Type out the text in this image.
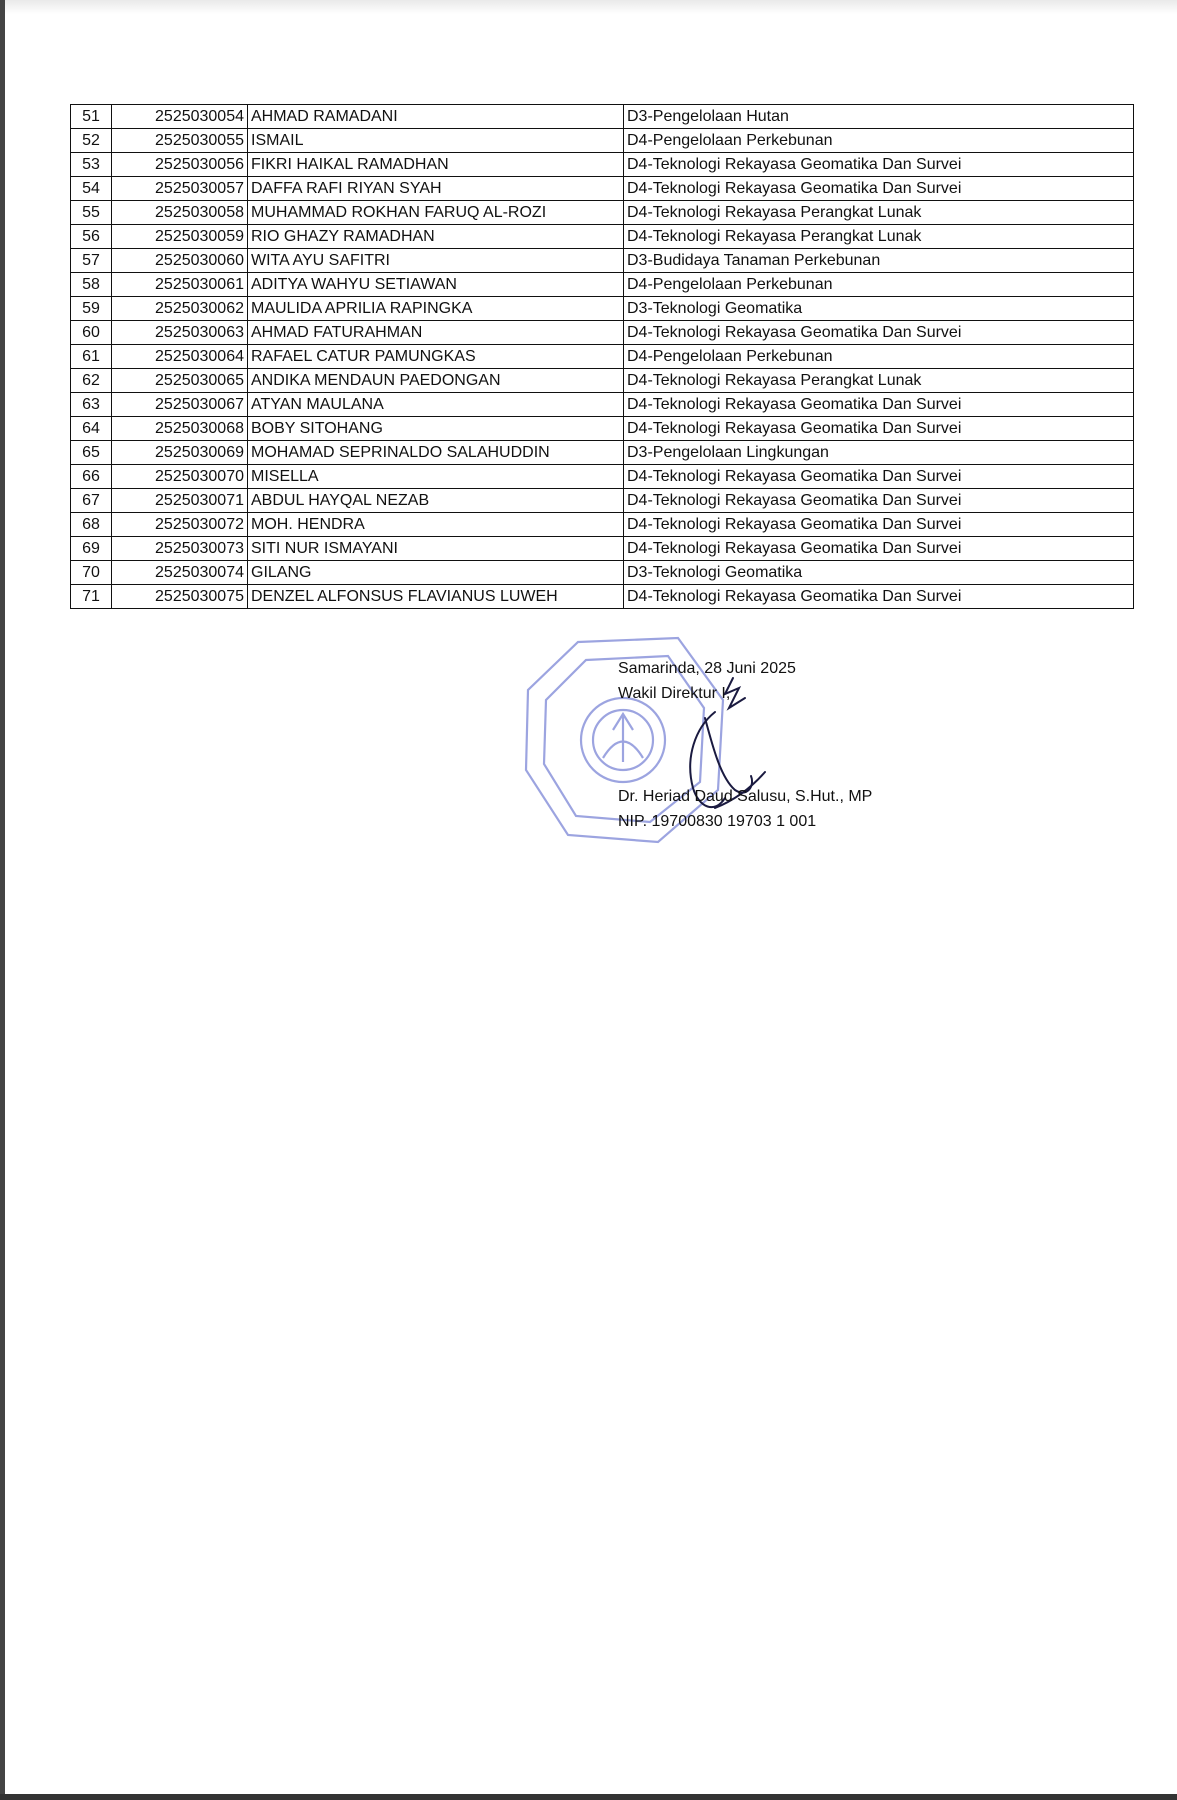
51	2525030054	AHMAD RAMADANI	D3-Pengelolaan Hutan
52	2525030055	ISMAIL	D4-Pengelolaan Perkebunan
53	2525030056	FIKRI HAIKAL RAMADHAN	D4-Teknologi Rekayasa Geomatika Dan Survei
54	2525030057	DAFFA RAFI RIYAN SYAH	D4-Teknologi Rekayasa Geomatika Dan Survei
55	2525030058	MUHAMMAD ROKHAN FARUQ AL-ROZI	D4-Teknologi Rekayasa Perangkat Lunak
56	2525030059	RIO GHAZY RAMADHAN	D4-Teknologi Rekayasa Perangkat Lunak
57	2525030060	WITA AYU SAFITRI	D3-Budidaya Tanaman Perkebunan
58	2525030061	ADITYA WAHYU SETIAWAN	D4-Pengelolaan Perkebunan
59	2525030062	MAULIDA APRILIA RAPINGKA	D3-Teknologi Geomatika
60	2525030063	AHMAD FATURAHMAN	D4-Teknologi Rekayasa Geomatika Dan Survei
61	2525030064	RAFAEL CATUR PAMUNGKAS	D4-Pengelolaan Perkebunan
62	2525030065	ANDIKA MENDAUN PAEDONGAN	D4-Teknologi Rekayasa Perangkat Lunak
63	2525030067	ATYAN MAULANA	D4-Teknologi Rekayasa Geomatika Dan Survei
64	2525030068	BOBY SITOHANG	D4-Teknologi Rekayasa Geomatika Dan Survei
65	2525030069	MOHAMAD SEPRINALDO SALAHUDDIN	D3-Pengelolaan Lingkungan
66	2525030070	MISELLA	D4-Teknologi Rekayasa Geomatika Dan Survei
67	2525030071	ABDUL HAYQAL NEZAB	D4-Teknologi Rekayasa Geomatika Dan Survei
68	2525030072	MOH. HENDRA	D4-Teknologi Rekayasa Geomatika Dan Survei
69	2525030073	SITI NUR ISMAYANI	D4-Teknologi Rekayasa Geomatika Dan Survei
70	2525030074	GILANG	D3-Teknologi Geomatika
71	2525030075	DENZEL ALFONSUS FLAVIANUS LUWEH	D4-Teknologi Rekayasa Geomatika Dan Survei
Samarinda, 28 Juni 2025
Wakil Direktur I,
Dr. Heriad Daud Salusu, S.Hut., MP
NIP. 19700830 19703 1 001
